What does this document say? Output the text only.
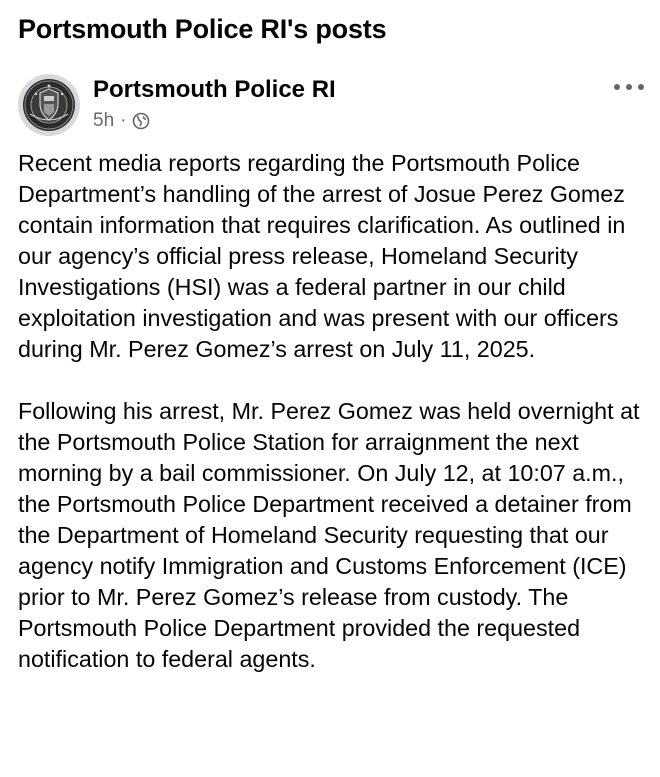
Portsmouth Police RI's posts
Portsmouth Police RI
5h ·

Recent media reports regarding the Portsmouth Police Department’s handling of the arrest of Josue Perez Gomez contain information that requires clarification. As outlined in our agency’s official press release, Homeland Security Investigations (HSI) was a federal partner in our child exploitation investigation and was present with our officers during Mr. Perez Gomez’s arrest on July 11, 2025.

Following his arrest, Mr. Perez Gomez was held overnight at the Portsmouth Police Station for arraignment the next morning by a bail commissioner. On July 12, at 10:07 a.m., the Portsmouth Police Department received a detainer from the Department of Homeland Security requesting that our agency notify Immigration and Customs Enforcement (ICE) prior to Mr. Perez Gomez’s release from custody. The Portsmouth Police Department provided the requested notification to federal agents.
